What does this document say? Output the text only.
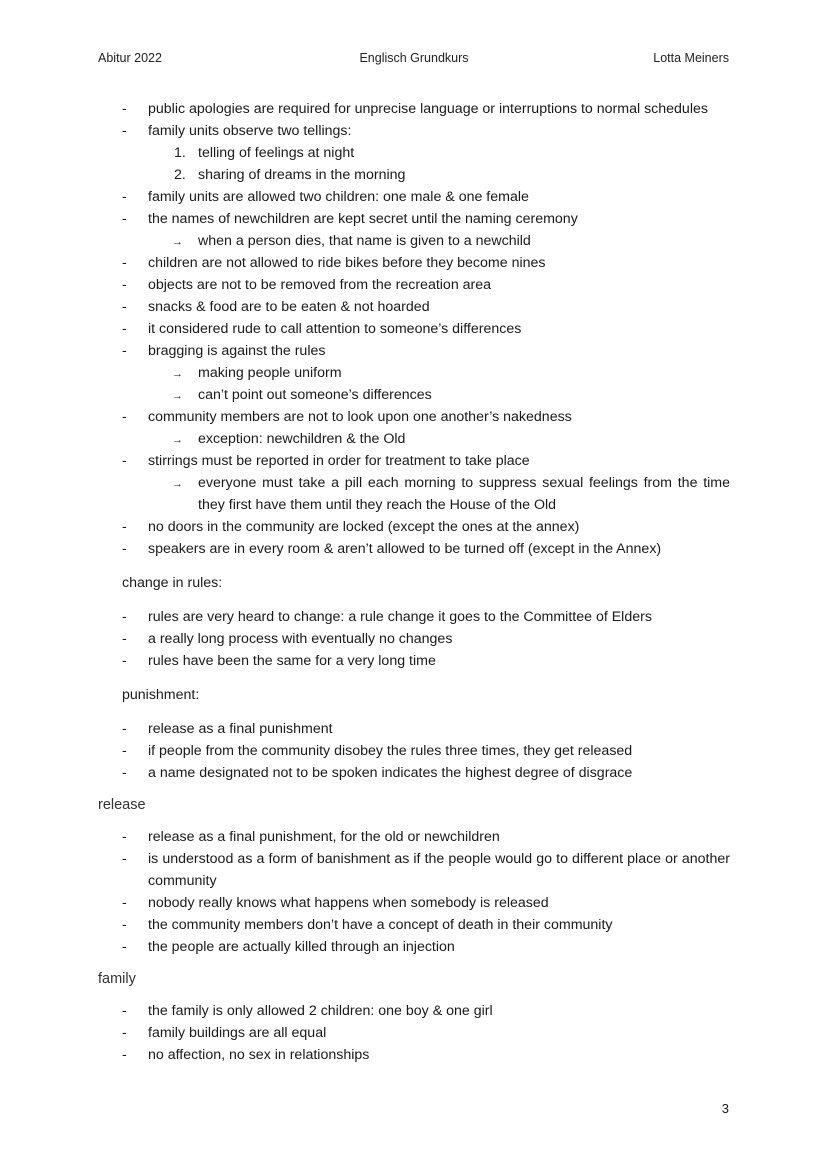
Abitur 2022	Englisch Grundkurs	Lotta Meiners
- public apologies are required for unprecise language or interruptions to normal schedules
- family units observe two tellings:
1. telling of feelings at night
2. sharing of dreams in the morning
- family units are allowed two children: one male & one female
- the names of newchildren are kept secret until the naming ceremony
→ when a person dies, that name is given to a newchild
- children are not allowed to ride bikes before they become nines
- objects are not to be removed from the recreation area
- snacks & food are to be eaten & not hoarded
- it considered rude to call attention to someone’s differences
- bragging is against the rules
→ making people uniform
→ can’t point out someone’s differences
- community members are not to look upon one another’s nakedness
→ exception: newchildren & the Old
- stirrings must be reported in order for treatment to take place
→ everyone must take a pill each morning to suppress sexual feelings from the time they first have them until they reach the House of the Old
- no doors in the community are locked (except the ones at the annex)
- speakers are in every room & aren’t allowed to be turned off (except in the Annex)
change in rules:
- rules are very heard to change: a rule change it goes to the Committee of Elders
- a really long process with eventually no changes
- rules have been the same for a very long time
punishment:
- release as a final punishment
- if people from the community disobey the rules three times, they get released
- a name designated not to be spoken indicates the highest degree of disgrace
release
- release as a final punishment, for the old or newchildren
- is understood as a form of banishment as if the people would go to different place or another community
- nobody really knows what happens when somebody is released
- the community members don’t have a concept of death in their community
- the people are actually killed through an injection
family
- the family is only allowed 2 children: one boy & one girl
- family buildings are all equal
- no affection, no sex in relationships
3
